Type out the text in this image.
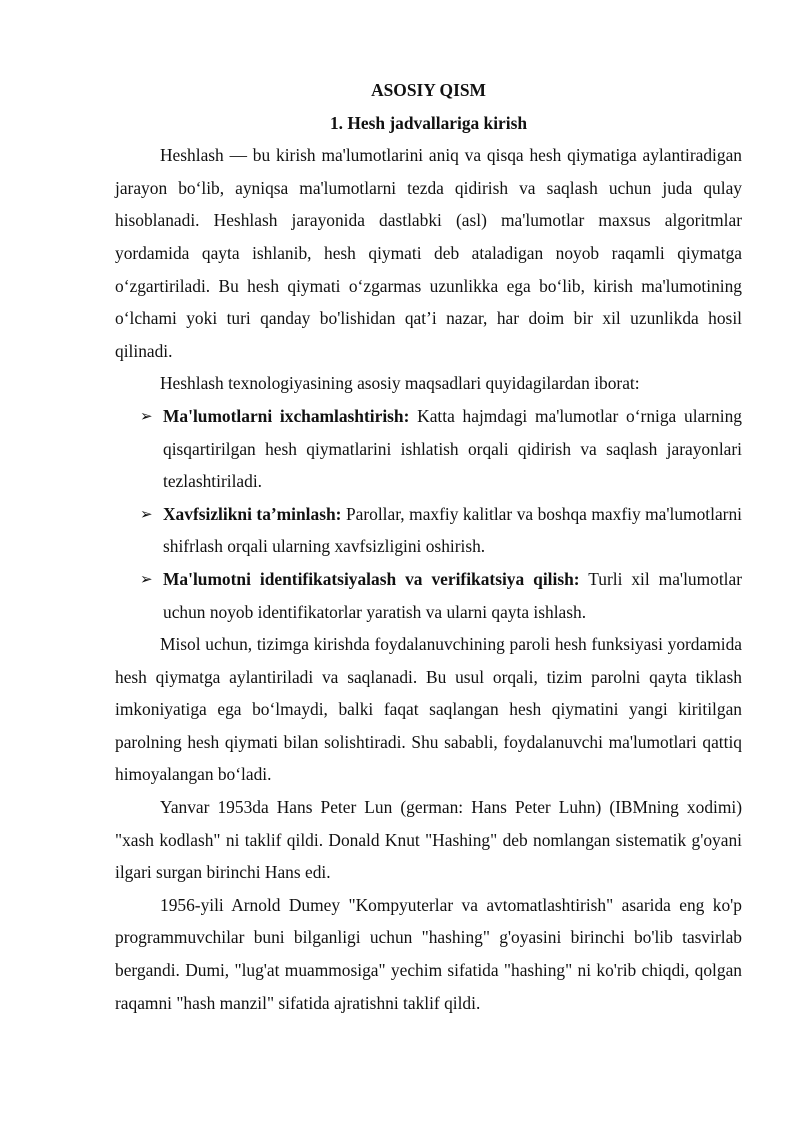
ASOSIY QISM

1. Hesh jadvallariga kirish

Heshlash — bu kirish ma'lumotlarini aniq va qisqa hesh qiymatiga aylantiradigan jarayon bo‘lib, ayniqsa ma'lumotlarni tezda qidirish va saqlash uchun juda qulay hisoblanadi. Heshlash jarayonida dastlabki (asl) ma'lumotlar maxsus algoritmlar yordamida qayta ishlanib, hesh qiymati deb ataladigan noyob raqamli qiymatga o‘zgartiriladi. Bu hesh qiymati o‘zgarmas uzunlikka ega bo‘lib, kirish ma'lumotining o‘lchami yoki turi qanday bo'lishidan qat’i nazar, har doim bir xil uzunlikda hosil qilinadi.

Heshlash texnologiyasining asosiy maqsadlari quyidagilardan iborat:

➢ Ma'lumotlarni ixchamlashtirish: Katta hajmdagi ma'lumotlar o‘rniga ularning qisqartirilgan hesh qiymatlarini ishlatish orqali qidirish va saqlash jarayonlari tezlashtiriladi.
➢ Xavfsizlikni ta’minlash: Parollar, maxfiy kalitlar va boshqa maxfiy ma'lumotlarni shifrlash orqali ularning xavfsizligini oshirish.
➢ Ma'lumotni identifikatsiyalash va verifikatsiya qilish: Turli xil ma'lumotlar uchun noyob identifikatorlar yaratish va ularni qayta ishlash.

Misol uchun, tizimga kirishda foydalanuvchining paroli hesh funksiyasi yordamida hesh qiymatga aylantiriladi va saqlanadi. Bu usul orqali, tizim parolni qayta tiklash imkoniyatiga ega bo‘lmaydi, balki faqat saqlangan hesh qiymatini yangi kiritilgan parolning hesh qiymati bilan solishtiradi. Shu sababli, foydalanuvchi ma'lumotlari qattiq himoyalangan bo‘ladi.

Yanvar 1953da Hans Peter Lun (german: Hans Peter Luhn) (IBMning xodimi) "xash kodlash" ni taklif qildi. Donald Knut "Hashing" deb nomlangan sistematik g'oyani ilgari surgan birinchi Hans edi.

1956-yili Arnold Dumey "Kompyuterlar va avtomatlashtirish" asarida eng ko'p programmuvchilar buni bilganligi uchun "hashing" g'oyasini birinchi bo'lib tasvirlab bergandi. Dumi, "lug'at muammosiga" yechim sifatida "hashing" ni ko'rib chiqdi, qolgan raqamni "hash manzil" sifatida ajratishni taklif qildi.
